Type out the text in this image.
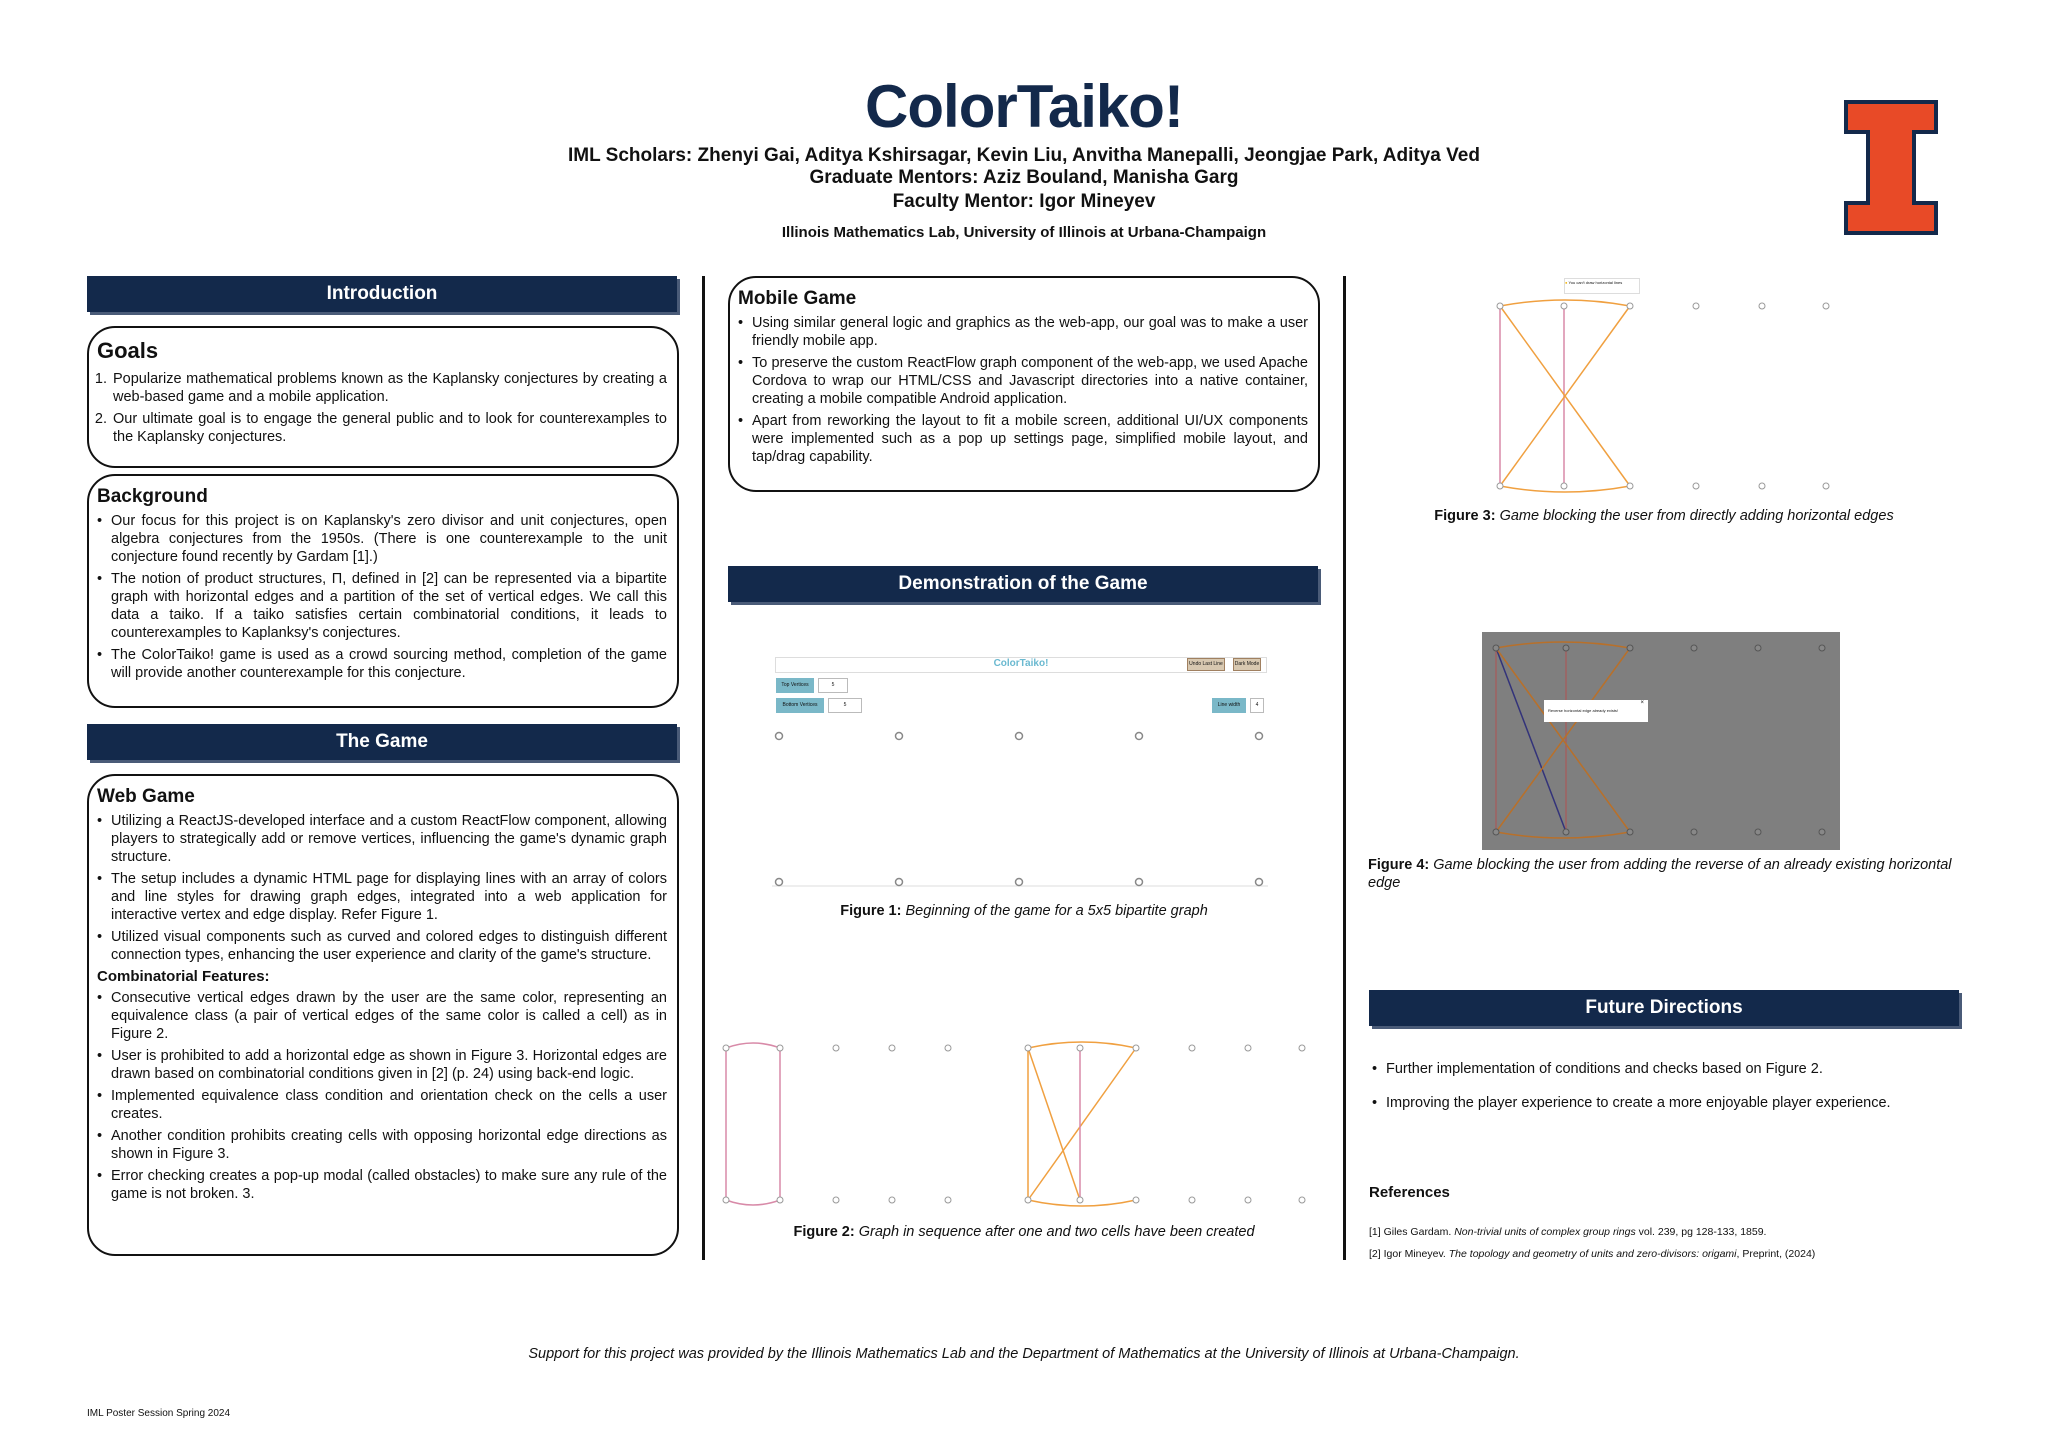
ColorTaiko!
IML Scholars: Zhenyi Gai, Aditya Kshirsagar, Kevin Liu, Anvitha Manepalli, Jeongjae Park, Aditya Ved
Graduate Mentors: Aziz Bouland, Manisha Garg
Faculty Mentor: Igor Mineyev
Illinois Mathematics Lab, University of Illinois at Urbana-Champaign
Introduction
Goals
1. Popularize mathematical problems known as the Kaplansky conjectures by creating a web-based game and a mobile application.
2. Our ultimate goal is to engage the general public and to look for counterexamples to the Kaplansky conjectures.
Background
• Our focus for this project is on Kaplansky's zero divisor and unit conjectures, open algebra conjectures from the 1950s. (There is one counterexample to the unit conjecture found recently by Gardam [1].)
• The notion of product structures, Π, defined in [2] can be represented via a bipartite graph with horizontal edges and a partition of the set of vertical edges. We call this data a taiko. If a taiko satisfies certain combinatorial conditions, it leads to counterexamples to Kaplanksy's conjectures.
• The ColorTaiko! game is used as a crowd sourcing method, completion of the game will provide another counterexample for this conjecture.
The Game
Web Game
• Utilizing a ReactJS-developed interface and a custom ReactFlow component, allowing players to strategically add or remove vertices, influencing the game's dynamic graph structure.
• The setup includes a dynamic HTML page for displaying lines with an array of colors and line styles for drawing graph edges, integrated into a web application for interactive vertex and edge display. Refer Figure 1.
• Utilized visual components such as curved and colored edges to distinguish different connection types, enhancing the user experience and clarity of the game's structure.
Combinatorial Features:
• Consecutive vertical edges drawn by the user are the same color, representing an equivalence class (a pair of vertical edges of the same color is called a cell) as in Figure 2.
• User is prohibited to add a horizontal edge as shown in Figure 3. Horizontal edges are drawn based on combinatorial conditions given in [2] (p. 24) using back-end logic.
• Implemented equivalence class condition and orientation check on the cells a user creates.
• Another condition prohibits creating cells with opposing horizontal edge directions as shown in Figure 3.
• Error checking creates a pop-up modal (called obstacles) to make sure any rule of the game is not broken. 3.
Mobile Game
• Using similar general logic and graphics as the web-app, our goal was to make a user friendly mobile app.
• To preserve the custom ReactFlow graph component of the web-app, we used Apache Cordova to wrap our HTML/CSS and Javascript directories into a native container, creating a mobile compatible Android application.
• Apart from reworking the layout to fit a mobile screen, additional UI/UX components were implemented such as a pop up settings page, simplified mobile layout, and tap/drag capability.
Demonstration of the Game
ColorTaiko!	Undo Last Line	Dark Mode
Top Vertices	5
Bottom Vertices	5	Line width	4
Figure 1: Beginning of the game for a 5x5 bipartite graph
Figure 2: Graph in sequence after one and two cells have been created
● You can't draw horizontal lines
Figure 3: Game blocking the user from directly adding horizontal edges
Reverse horizontal edge already exists!
×
Figure 4: Game blocking the user from adding the reverse of an already existing horizontal edge
Future Directions
• Further implementation of conditions and checks based on Figure 2.
• Improving the player experience to create a more enjoyable player experience.
References
[1] Giles Gardam. Non-trivial units of complex group rings vol. 239, pg 128-133, 1859.
[2] Igor Mineyev. The topology and geometry of units and zero-divisors: origami, Preprint, (2024)
Support for this project was provided by the Illinois Mathematics Lab and the Department of Mathematics at the University of Illinois at Urbana-Champaign.
IML Poster Session Spring 2024
